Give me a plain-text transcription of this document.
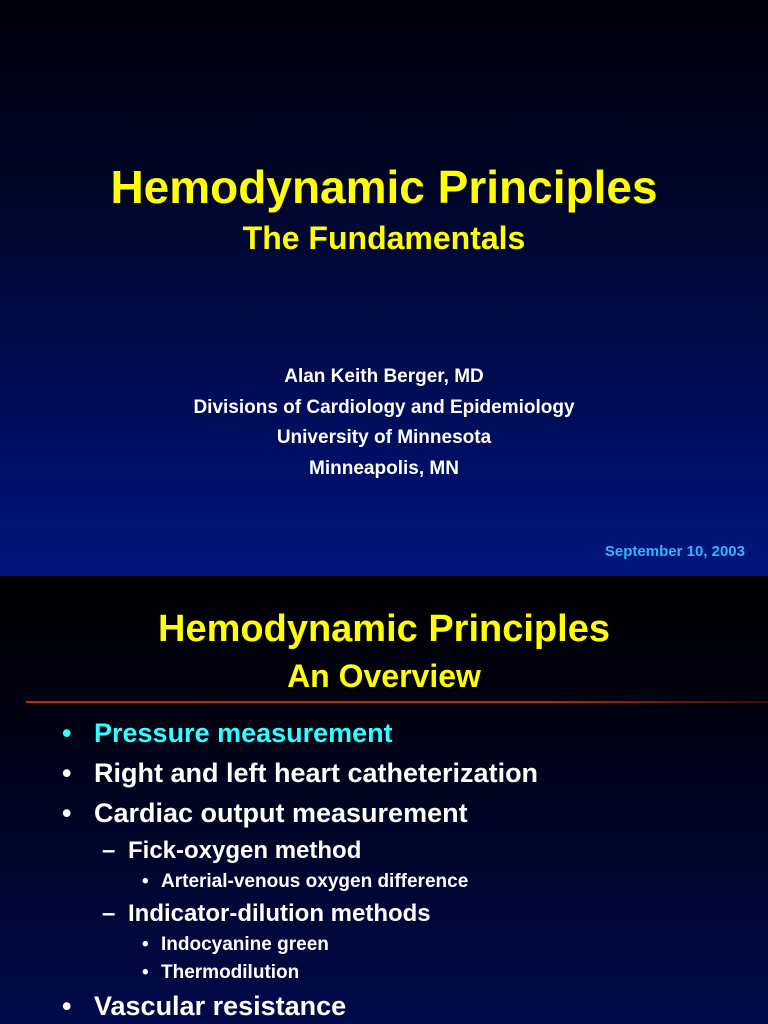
Hemodynamic Principles
The Fundamentals
Alan Keith Berger, MD
Divisions of Cardiology and Epidemiology
University of Minnesota
Minneapolis, MN
September 10, 2003
Hemodynamic Principles
An Overview
• Pressure measurement
• Right and left heart catheterization
• Cardiac output measurement
– Fick-oxygen method
• Arterial-venous oxygen difference
– Indicator-dilution methods
• Indocyanine green
• Thermodilution
• Vascular resistance
